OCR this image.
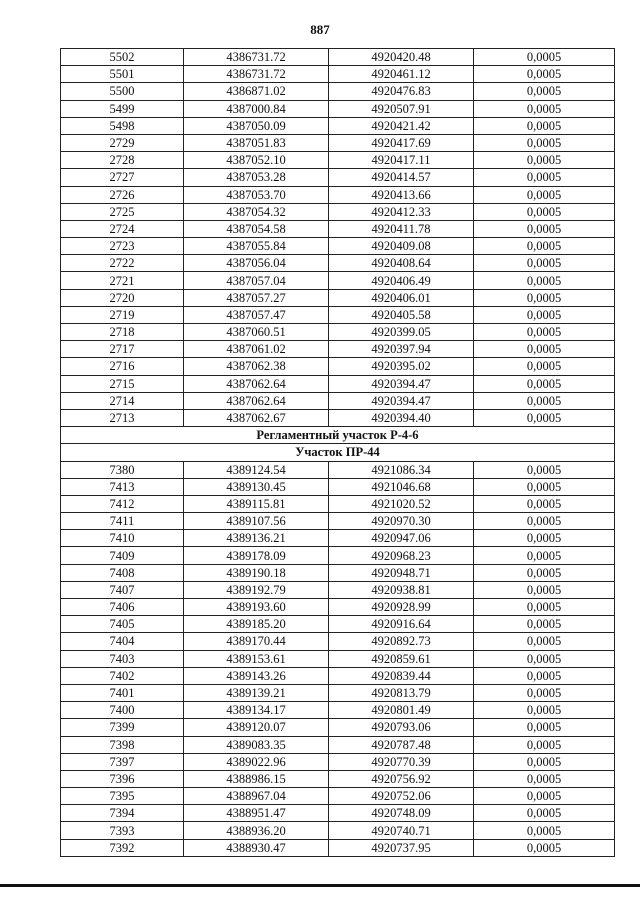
887
5502	4386731.72	4920420.48	0,0005
5501	4386731.72	4920461.12	0,0005
5500	4386871.02	4920476.83	0,0005
5499	4387000.84	4920507.91	0,0005
5498	4387050.09	4920421.42	0,0005
2729	4387051.83	4920417.69	0,0005
2728	4387052.10	4920417.11	0,0005
2727	4387053.28	4920414.57	0,0005
2726	4387053.70	4920413.66	0,0005
2725	4387054.32	4920412.33	0,0005
2724	4387054.58	4920411.78	0,0005
2723	4387055.84	4920409.08	0,0005
2722	4387056.04	4920408.64	0,0005
2721	4387057.04	4920406.49	0,0005
2720	4387057.27	4920406.01	0,0005
2719	4387057.47	4920405.58	0,0005
2718	4387060.51	4920399.05	0,0005
2717	4387061.02	4920397.94	0,0005
2716	4387062.38	4920395.02	0,0005
2715	4387062.64	4920394.47	0,0005
2714	4387062.64	4920394.47	0,0005
2713	4387062.67	4920394.40	0,0005
Регламентный участок Р-4-6			
Участок ПР-44			
7380	4389124.54	4921086.34	0,0005
7413	4389130.45	4921046.68	0,0005
7412	4389115.81	4921020.52	0,0005
7411	4389107.56	4920970.30	0,0005
7410	4389136.21	4920947.06	0,0005
7409	4389178.09	4920968.23	0,0005
7408	4389190.18	4920948.71	0,0005
7407	4389192.79	4920938.81	0,0005
7406	4389193.60	4920928.99	0,0005
7405	4389185.20	4920916.64	0,0005
7404	4389170.44	4920892.73	0,0005
7403	4389153.61	4920859.61	0,0005
7402	4389143.26	4920839.44	0,0005
7401	4389139.21	4920813.79	0,0005
7400	4389134.17	4920801.49	0,0005
7399	4389120.07	4920793.06	0,0005
7398	4389083.35	4920787.48	0,0005
7397	4389022.96	4920770.39	0,0005
7396	4388986.15	4920756.92	0,0005
7395	4388967.04	4920752.06	0,0005
7394	4388951.47	4920748.09	0,0005
7393	4388936.20	4920740.71	0,0005
7392	4388930.47	4920737.95	0,0005
